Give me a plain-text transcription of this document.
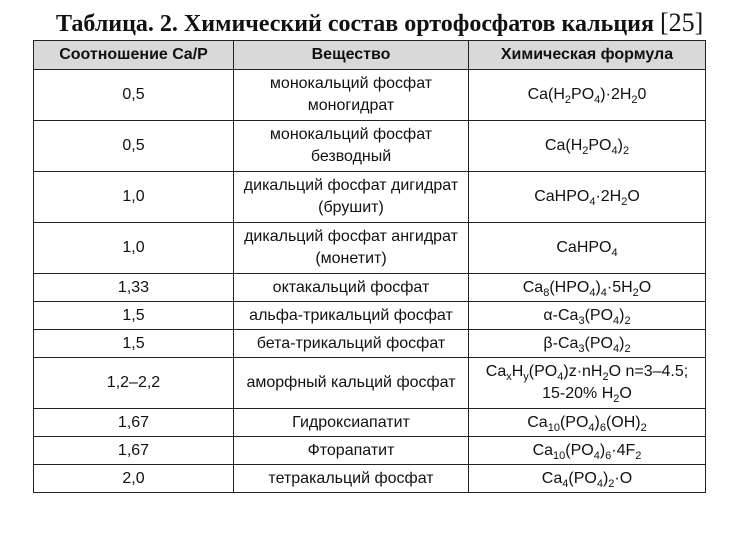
Таблица. 2. Химический состав ортофосфатов кальция [25]
Соотношение Ca/P	Вещество	Химическая формула
0,5	монокальций фосфат моногидрат	$Ca(H_2PO_4)\cdot 2H_20$
0,5	монокальций фосфат безводный	$Ca(H_2PO_4)_2$
1,0	дикальций фосфат дигидрат (брушит)	$CaHPO_4\cdot 2H_2O$
1,0	дикальций фосфат ангидрат (монетит)	CaHPO$_4$
1,33	октакальций фосфат	$Ca_8(HPO_4)_4\cdot 5H_2O$
1,5	альфа-трикальций фосфат	$\alpha-Ca_3(PO_4)_2$
1,5	бета-трикальций фосфат	$\beta-Ca_3(PO_4)_2$
1,2–2,2	аморфный кальций фосфат	$Ca_xH_y(PO_4)z\cdot nH_2O$ n=3–4.5; 15-20% $H_2O$
1,67	Гидроксиапатит	$Ca_{10}(PO_4)_6(OH)_2$
1,67	Фторапатит	$Ca_{10}(PO_4)_6\cdot 4F_2$
2,0	тетракальций фосфат	$Ca_4(PO_4)_2\cdot O$
